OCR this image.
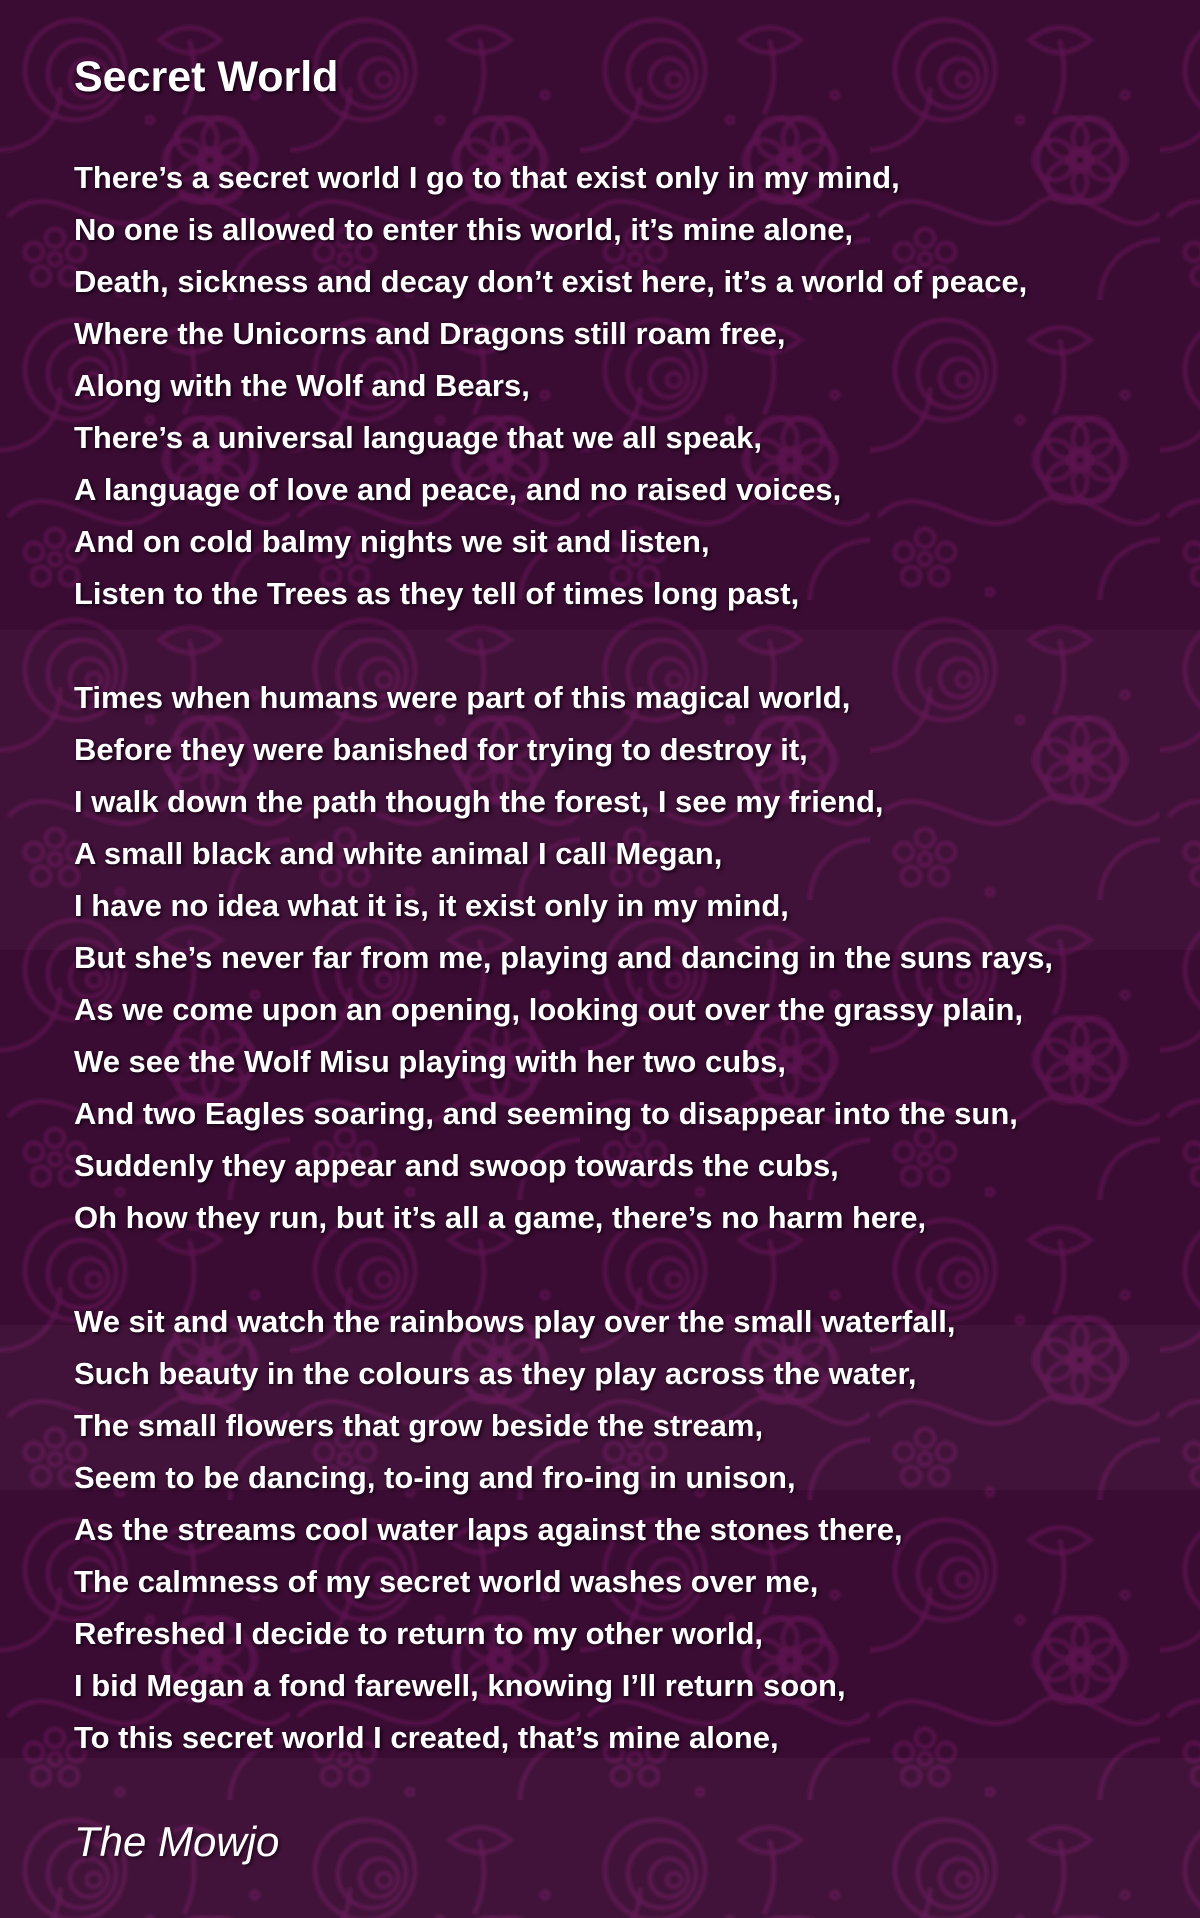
Secret World
There’s a secret world I go to that exist only in my mind,
No one is allowed to enter this world, it’s mine alone,
Death, sickness and decay don’t exist here, it’s a world of peace,
Where the Unicorns and Dragons still roam free,
Along with the Wolf and Bears,
There’s a universal language that we all speak,
A language of love and peace, and no raised voices,
And on cold balmy nights we sit and listen,
Listen to the Trees as they tell of times long past,
Times when humans were part of this magical world,
Before they were banished for trying to destroy it,
I walk down the path though the forest, I see my friend,
A small black and white animal I call Megan,
I have no idea what it is, it exist only in my mind,
But she’s never far from me, playing and dancing in the suns rays,
As we come upon an opening, looking out over the grassy plain,
We see the Wolf Misu playing with her two cubs,
And two Eagles soaring, and seeming to disappear into the sun,
Suddenly they appear and swoop towards the cubs,
Oh how they run, but it’s all a game, there’s no harm here,
We sit and watch the rainbows play over the small waterfall,
Such beauty in the colours as they play across the water,
The small flowers that grow beside the stream,
Seem to be dancing, to-ing and fro-ing in unison,
As the streams cool water laps against the stones there,
The calmness of my secret world washes over me,
Refreshed I decide to return to my other world,
I bid Megan a fond farewell, knowing I’ll return soon,
To this secret world I created, that’s mine alone,
The Mowjo
